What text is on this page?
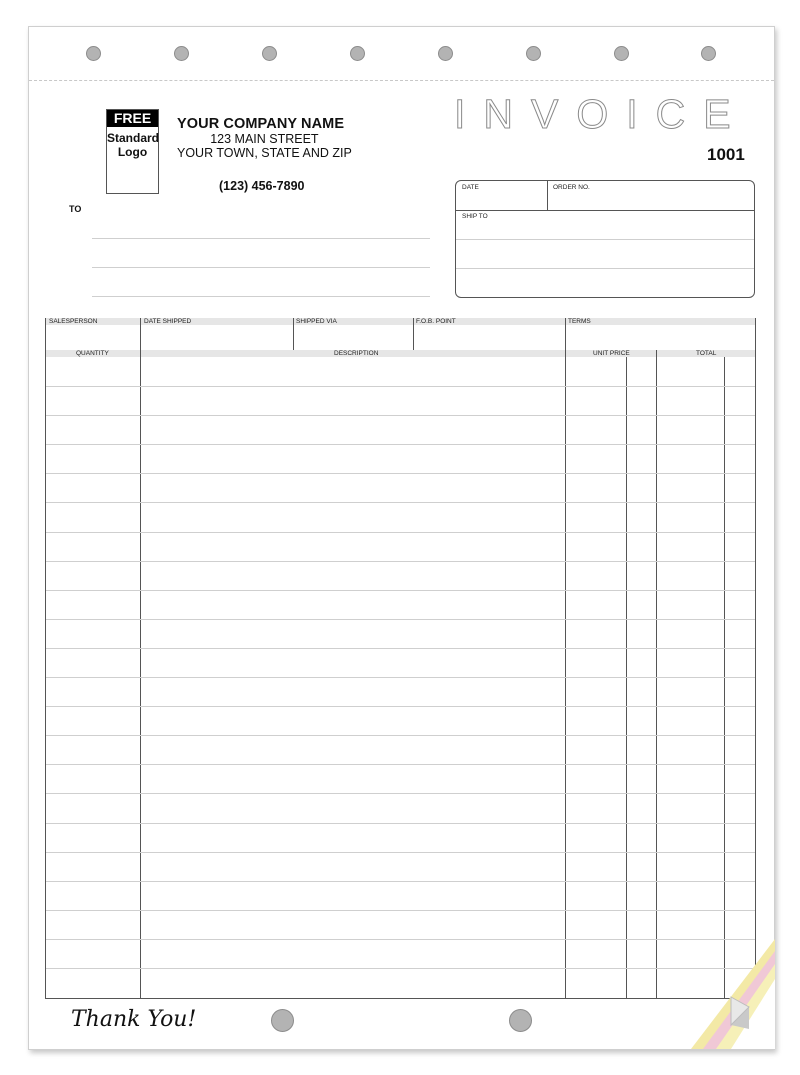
FREE
Standard
Logo
YOUR COMPANY NAME
123 MAIN STREET
YOUR TOWN, STATE AND ZIP
(123) 456-7890
INVOICE
1001
TO
DATE	ORDER NO.
SHIP TO
SALESPERSON	DATE SHIPPED	SHIPPED VIA	F.O.B. POINT	TERMS
QUANTITY	DESCRIPTION	UNIT PRICE	TOTAL
Thank You!
